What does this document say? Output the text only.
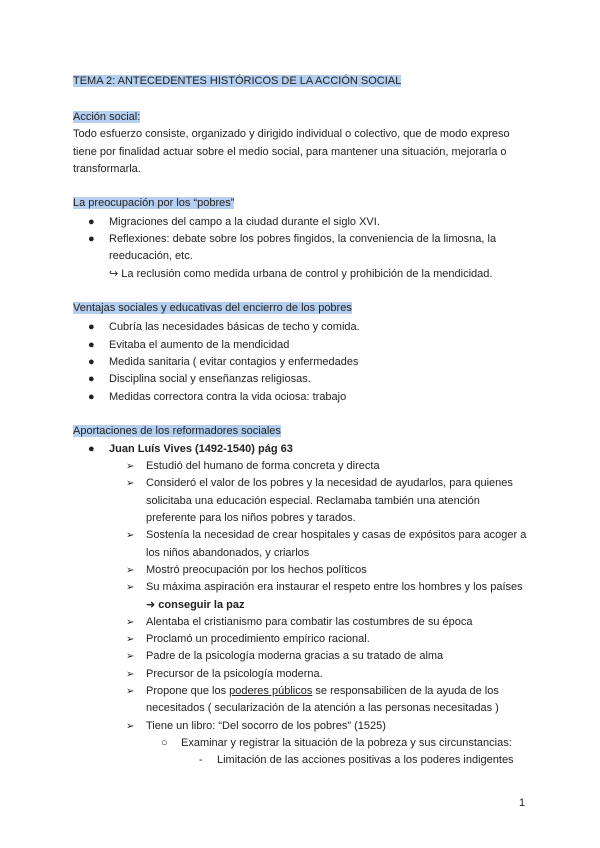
TEMA 2: ANTECEDENTES HISTÓRICOS DE LA ACCIÓN SOCIAL
Acción social:

Todo esfuerzo consiste, organizado y dirigido individual o colectivo, que de modo expreso

tiene por finalidad actuar sobre el medio social, para mantener una situación, mejorarla o

transformarla.

La preocupación por los “pobres”
● Migraciones del campo a la ciudad durante el siglo XVI.
● Reflexiones: debate sobre los pobres fingidos, la conveniencia de la limosna, la
reeducación, etc.
↪ La reclusión como medida urbana de control y prohibición de la mendicidad.
Ventajas sociales y educativas del encierro de los pobres
● Cubría las necesidades básicas de techo y comida.
● Evitaba el aumento de la mendicidad
● Medida sanitaria ( evitar contagios y enfermedades
● Disciplina social y enseñanzas religiosas.
● Medidas correctora contra la vida ociosa: trabajo
Aportaciones de los reformadores sociales
● Juan Luís Vives (1492-1540) pág 63
➢ Estudió del humano de forma concreta y directa
➢ Consideró el valor de los pobres y la necesidad de ayudarlos, para quienes
solicitaba una educación especial. Reclamaba también una atención
preferente para los niños pobres y tarados.
➢ Sostenía la necesidad de crear hospitales y casas de expósitos para acoger a
los niños abandonados, y criarlos
➢ Mostró preocupación por los hechos políticos
➢ Su máxima aspiración era instaurar el respeto entre los hombres y los países
➜ conseguir la paz
➢ Alentaba el cristianismo para combatir las costumbres de su época
➢ Proclamó un procedimiento empírico racional.
➢ Padre de la psicología moderna gracias a su tratado de alma
➢ Precursor de la psicología moderna.
➢ Propone que los poderes públicos se responsabilicen de la ayuda de los
necesitados ( secularización de la atención a las personas necesitadas )
➢ Tiene un libro: “Del socorro de los pobres” (1525)
○ Examinar y registrar la situación de la pobreza y sus circunstancias:
- Limitación de las acciones positivas a los poderes indigentes
1
